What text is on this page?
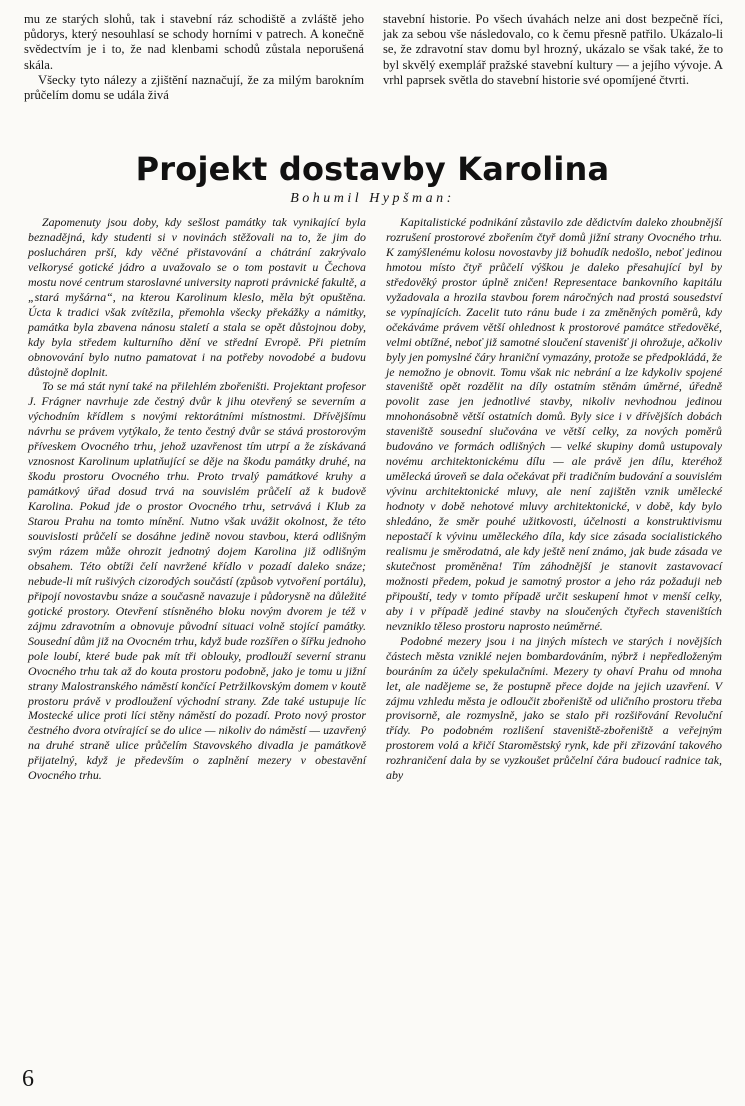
mu ze starých slohů, tak i stavební ráz schodiště a zvláště jeho půdorys, který nesouhlasí se schody horními v patrech. A konečně svědectvím je i to, že nad klenbami schodů zůstala neporušená skála.

Všecky tyto nálezy a zjištění naznačují, že za milým barokním průčelím domu se udála živá

stavební historie. Po všech úvahách nelze ani dost bezpečně říci, jak za sebou vše následovalo, co k čemu přesně patřilo. Ukázalo-li se, že zdravotní stav domu byl hrozný, ukázalo se však také, že to byl skvělý exemplář pražské stavební kultury — a jejího vývoje. A vrhl paprsek světla do stavební historie své opomíjené čtvrti.

Projekt dostavby Karolina

Bohumil Hypšman:

Zapomenuty jsou doby, kdy sešlost památky tak vynikající byla beznadějná, kdy studenti si v novinách stěžovali na to, že jim do poslucháren prší, kdy věčné přistavování a chátrání zakrývalo velkorysé gotické jádro a uvažovalo se o tom postavit u Čechova mostu nové centrum staroslavné university naproti právnické fakultě, a „stará myšárna“, na kterou Karolinum kleslo, měla být opuštěna. Úcta k tradici však zvítězila, přemohla všecky překážky a námitky, památka byla zbavena nánosu staletí a stala se opět důstojnou doby, kdy byla středem kulturního dění ve střední Evropě. Při pietním obnovování bylo nutno pamatovat i na potřeby novodobé a budovu důstojně doplnit.

To se má stát nyní také na přilehlém zbořeništi. Projektant profesor J. Frágner navrhuje zde čestný dvůr k jihu otevřený se severním a východním křídlem s novými rektorátními místnostmi. Dřívějšímu návrhu se právem vytýkalo, že tento čestný dvůr se stává prostorovým příveskem Ovocného trhu, jehož uzavřenost tím utrpí a že získávaná vznosnost Karolinum uplatňující se děje na škodu památky druhé, na škodu prostoru Ovocného trhu. Proto trvalý památkové kruhy a památkový úřad dosud trvá na souvislém průčelí až k budově Karolina. Pokud jde o prostor Ovocného trhu, setrvává i Klub za Starou Prahu na tomto mínění. Nutno však uvážit okolnost, že této souvislosti průčelí se dosáhne jedině novou stavbou, která odlišným svým rázem může ohrozit jednotný dojem Karolina již odlišným obsahem. Této obtíži čelí navržené křídlo v pozadí daleko snáze; nebude-li mít rušivých cizorodých součástí (způsob vytvoření portálu), připojí novostavbu snáze a současně navazuje i půdorysně na důležité gotické prostory. Otevření stísněného bloku novým dvorem je též v zájmu zdravotním a obnovuje původní situaci volně stojící památky. Sousední dům již na Ovocném trhu, když bude rozšířen o šířku jednoho pole loubí, které bude pak mít tři oblouky, prodlouží severní stranu Ovocného trhu tak až do kouta prostoru podobně, jako je tomu u jižní strany Malostranského náměstí končící Petržilkovským domem v koutě prostoru právě v prodloužení východní strany. Zde také ustupuje líc Mostecké ulice proti líci stěny náměstí do pozadí. Proto nový prostor čestného dvora otvírající se do ulice — nikoliv do náměstí — uzavřený na druhé straně ulice průčelím Stavovského divadla je památkově přijatelný, když je především o zaplnění mezery v obestavění Ovocného trhu.

Kapitalistické podnikání zůstavilo zde dědictvím daleko zhoubnější rozrušení prostorové zbořením čtyř domů jižní strany Ovocného trhu. K zamýšlenému kolosu novostavby již bohudík nedošlo, neboť jedinou hmotou místo čtyř průčelí výškou je daleko přesahující byl by středověký prostor úplně zničen! Representace bankovního kapitálu vyžadovala a hrozila stavbou forem náročných nad prostá sousedství se vypínajících. Zacelit tuto ránu bude i za změněných poměrů, kdy očekáváme právem větší ohlednost k prostorové památce středověké, velmi obtížné, neboť již samotné sloučení stavenišť ji ohrožuje, ačkoliv byly jen pomyslné čáry hraniční vymazány, protože se předpokládá, že je nemožno je obnovit. Tomu však nic nebrání a lze kdykoliv spojené staveniště opět rozdělit na díly ostatním stěnám úměrné, úředně povolit zase jen jednotlivé stavby, nikoliv nevhodnou jedinou mnohonásobně větší ostatních domů. Byly sice i v dřívějších dobách staveniště sousední slučována ve větší celky, za nových poměrů budováno ve formách odlišných — velké skupiny domů ustupovaly novému architektonickému dílu — ale právě jen dílu, kteréhož umělecká úroveň se dala očekávat při tradičním budování a souvislém vývinu architektonické mluvy, ale není zajištěn vznik umělecké hodnoty v době nehotové mluvy architektonické, v době, kdy bylo shledáno, že směr pouhé užitkovosti, účelnosti a konstruktivismu nepostačí k vývinu uměleckého díla, kdy sice zásada socialistického realismu je směrodatná, ale kdy ještě není známo, jak bude zásada ve skutečnost proměněna! Tím záhodnější je stanovit zastavovací možnosti předem, pokud je samotný prostor a jeho ráz požaduji neb připouští, tedy v tomto případě určit seskupení hmot v menší celky, aby i v případě jediné stavby na sloučených čtyřech staveništích nevzniklo těleso prostoru naprosto neúměrné.

Podobné mezery jsou i na jiných místech ve starých i novějších částech města vzniklé nejen bombardováním, nýbrž i nepředloženým bouráním za účely spekulačními. Mezery ty ohaví Prahu od mnoha let, ale nadějeme se, že postupně přece dojde na jejich uzavření. V zájmu vzhledu města je odloučit zbořeniště od uličního prostoru třeba provisorně, ale rozmyslně, jako se stalo při rozšiřování Revoluční třídy. Po podobném rozlišení staveniště-zbořeniště a veřejným prostorem volá a křičí Staroměstský rynk, kde při zřizování takového rozhraničení dala by se vyzkoušet průčelní čára budoucí radnice tak, aby

6
